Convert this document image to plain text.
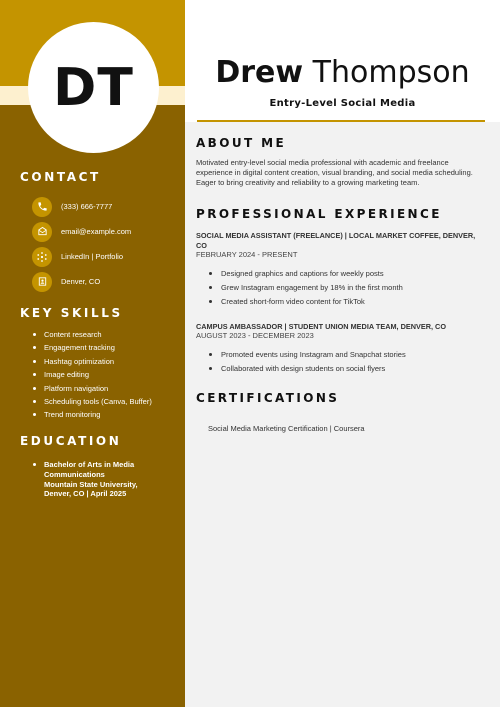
DT
CONTACT
(333) 666-7777
email@example.com
LinkedIn | Portfolio
Denver, CO
KEY SKILLS
Content research
Engagement tracking
Hashtag optimization
Image editing
Platform navigation
Scheduling tools (Canva, Buffer)
Trend monitoring
EDUCATION
Bachelor of Arts in Media
Communications
Mountain State University,
Denver, CO | April 2025
Drew Thompson
Entry-Level Social Media
ABOUT ME
Motivated entry-level social media professional with academic and freelance experience in digital content creation, visual branding, and social media scheduling. Eager to bring creativity and reliability to a growing marketing team.
PROFESSIONAL EXPERIENCE
SOCIAL MEDIA ASSISTANT (FREELANCE) | LOCAL MARKET COFFEE, DENVER, CO
FEBRUARY 2024 - PRESENT
Designed graphics and captions for weekly posts
Grew Instagram engagement by 18% in the first month
Created short-form video content for TikTok
CAMPUS AMBASSADOR | STUDENT UNION MEDIA TEAM, DENVER, CO
AUGUST 2023 - DECEMBER 2023
Promoted events using Instagram and Snapchat stories
Collaborated with design students on social flyers
CERTIFICATIONS
Social Media Marketing Certification | Coursera
